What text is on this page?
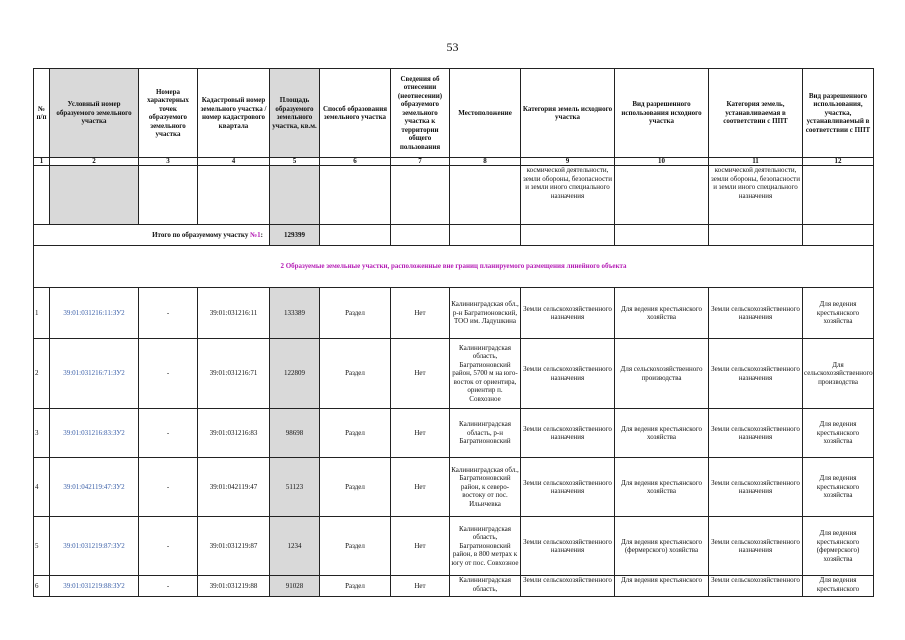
53
№ п/п	Условный номер образуемого земельного участка	Номера характерных точек образуемого земельного участка	Кадастровый номер земельного участка /номер кадастрового квартала	Площадь образуемого земельного участка, кв.м.	Способ образования земельного участка	Сведения об отнесении (неотнесении) образуемого земельного участка к территории общего пользования	Местоположение	Категория земель исходного участка	Вид разрешенного использования исходного участка	Категория земель, устанавливаемая в соответствии с ППТ	Вид разрешенного использования, участка, устанавливаемый в соответствии с ППТ
1	2	3	4	5	6	7	8	9	10	11	12
								космической деятельности, земли обороны, безопасности и земли иного специального назначения		космической деятельности, земли обороны, безопасности и земли иного специального назначения	
Итого по образуемому участку №1:				129399							
2 Образуемые земельные участки, расположенные вне границ планируемого размещения линейного объекта											
1	39:01:031216:11:ЗУ2	-	39:01:031216:11	133389	Раздел	Нет	Калининградская обл., р-н Багратионовский, ТОО им. Ладушкина	Земли сельскохозяйственного назначения	Для ведения крестьянского хозяйства	Земли сельскохозяйственного назначения	Для ведения крестьянского хозяйства
2	39:01:031216:71:ЗУ2	-	39:01:031216:71	122809	Раздел	Нет	Калининградская область, Багратионовский район, 5700 м на юго-восток от ориентира, ориентир п. Совхозное	Земли сельскохозяйственного назначения	Для сельскохозяйственного производства	Земли сельскохозяйственного назначения	Для сельскохозяйственного производства
3	39:01:031216:83:ЗУ2	-	39:01:031216:83	98698	Раздел	Нет	Калининградская область, р-н Багратионовский	Земли сельскохозяйственного назначения	Для ведения крестьянского хозяйства	Земли сельскохозяйственного назначения	Для ведения крестьянского хозяйства
4	39:01:042119:47:ЗУ2	-	39:01:042119:47	51123	Раздел	Нет	Калининградская обл., Багратионовский район, к северо-востоку от пос. Ильичевка	Земли сельскохозяйственного назначения	Для ведения крестьянского хозяйства	Земли сельскохозяйственного назначения	Для ведения крестьянского хозяйства
5	39:01:031219:87:ЗУ2	-	39:01:031219:87	1234	Раздел	Нет	Калининградская область, Багратионовский район, в 800 метрах к югу от пос. Совхозное	Земли сельскохозяйственного назначения	Для ведения крестьянского (фермерского) хозяйства	Земли сельскохозяйственного назначения	Для ведения крестьянского (фермерского) хозяйства
6	39:01:031219:88:ЗУ2	-	39:01:031219:88	91028	Раздел	Нет	Калининградская область,	Земли сельскохозяйственного	Для ведения крестьянского	Земли сельскохозяйственного	Для ведения крестьянского
